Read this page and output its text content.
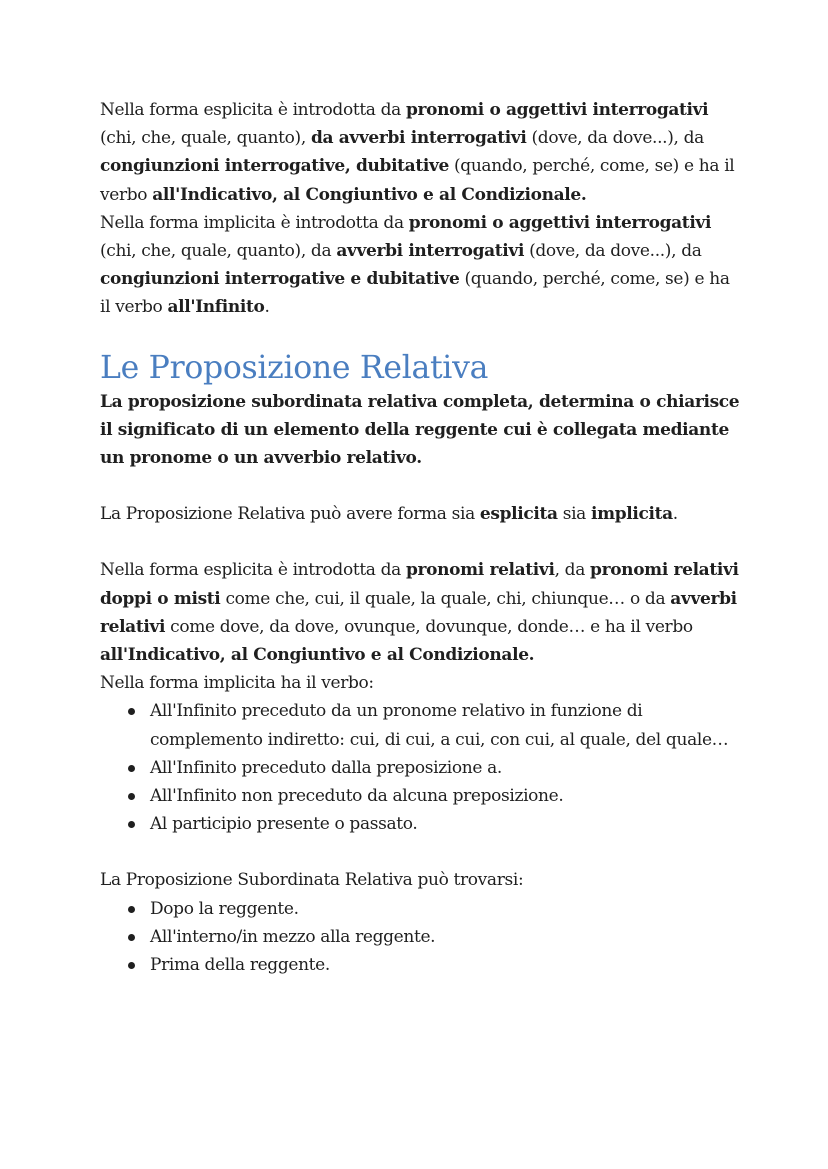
Nella forma esplicita è introdotta da pronomi o aggettivi interrogativi (chi, che, quale, quanto), da avverbi interrogativi (dove, da dove...), da congiunzioni interrogative, dubitative (quando, perché, come, se) e ha il verbo all'Indicativo, al Congiuntivo e al Condizionale.

Nella forma implicita è introdotta da pronomi o aggettivi interrogativi (chi, che, quale, quanto), da avverbi interrogativi (dove, da dove...), da congiunzioni interrogative e dubitative (quando, perché, come, se) e ha il verbo all'Infinito.

Le Proposizione Relativa

La proposizione subordinata relativa completa, determina o chiarisce il significato di un elemento della reggente cui è collegata mediante un pronome o un avverbio relativo.

La Proposizione Relativa può avere forma sia esplicita sia implicita.

Nella forma esplicita è introdotta da pronomi relativi, da pronomi relativi doppi o misti come che, cui, il quale, la quale, chi, chiunque… o da avverbi relativi come dove, da dove, ovunque, dovunque, donde… e ha il verbo all'Indicativo, al Congiuntivo e al Condizionale.

Nella forma implicita ha il verbo:

All'Infinito preceduto da un pronome relativo in funzione di complemento indiretto: cui, di cui, a cui, con cui, al quale, del quale…
All'Infinito preceduto dalla preposizione a.
All'Infinito non preceduto da alcuna preposizione.
Al participio presente o passato.

La Proposizione Subordinata Relativa può trovarsi:

Dopo la reggente.
All'interno/in mezzo alla reggente.
Prima della reggente.
